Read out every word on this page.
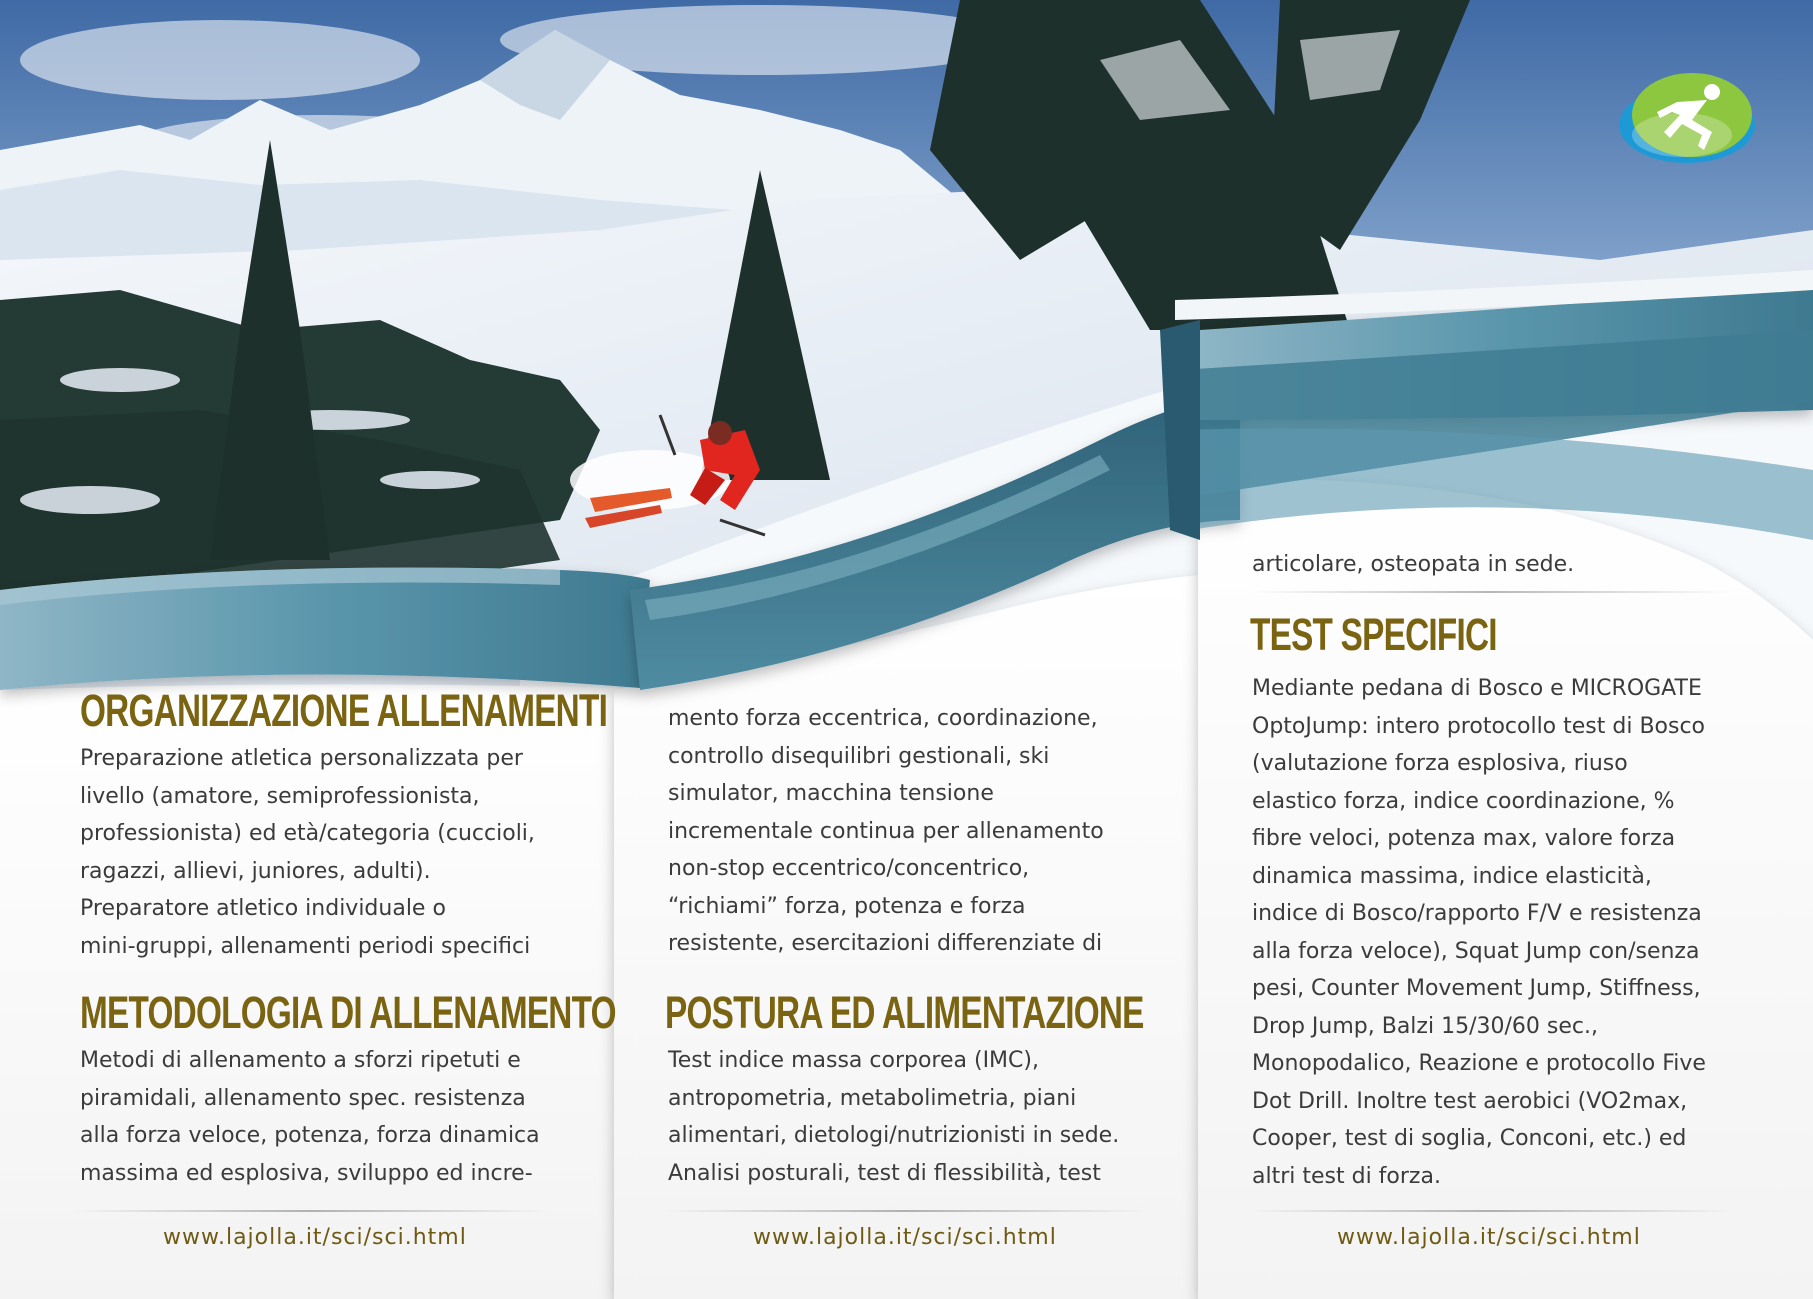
ORGANIZZAZIONE ALLENAMENTI
Preparazione atletica personalizzata per
livello (amatore, semiprofessionista,
professionista) ed età/categoria (cuccioli,
ragazzi, allievi, juniores, adulti).
Preparatore atletico individuale o
mini-gruppi, allenamenti periodi specifici
METODOLOGIA DI ALLENAMENTO
Metodi di allenamento a sforzi ripetuti e
piramidali, allenamento spec. resistenza
alla forza veloce, potenza, forza dinamica
massima ed esplosiva, sviluppo ed incre-
www.lajolla.it/sci/sci.html
mento forza eccentrica, coordinazione,
controllo disequilibri gestionali, ski
simulator, macchina tensione
incrementale continua per allenamento
non-stop eccentrico/concentrico,
“richiami” forza, potenza e forza
resistente, esercitazioni differenziate di
POSTURA ED ALIMENTAZIONE
Test indice massa corporea (IMC),
antropometria, metabolimetria, piani
alimentari, dietologi/nutrizionisti in sede.
Analisi posturali, test di flessibilità, test
www.lajolla.it/sci/sci.html
articolare, osteopata in sede.
TEST SPECIFICI
Mediante pedana di Bosco e MICROGATE
OptoJump: intero protocollo test di Bosco
(valutazione forza esplosiva, riuso
elastico forza, indice coordinazione, %
fibre veloci, potenza max, valore forza
dinamica massima, indice elasticità,
indice di Bosco/rapporto F/V e resistenza
alla forza veloce), Squat Jump con/senza
pesi, Counter Movement Jump, Stiffness,
Drop Jump, Balzi 15/30/60 sec.,
Monopodalico, Reazione e protocollo Five
Dot Drill. Inoltre test aerobici (VO2max,
Cooper, test di soglia, Conconi, etc.) ed
altri test di forza.
www.lajolla.it/sci/sci.html
